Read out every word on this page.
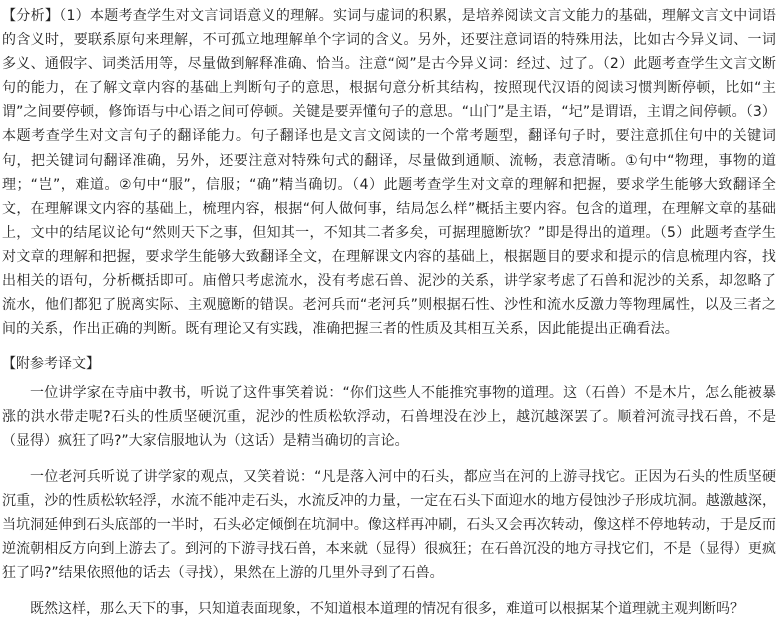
【分析】（1）本题考查学生对文言词语意义的理解。实词与虚词的积累，是培养阅读文言文能力的基础，理解文言文中词语的含义时，要联系原句来理解，不可孤立地理解单个字词的含义。另外，还要注意词语的特殊用法，比如古今异义词、一词多义、通假字、词类活用等，尽量做到解释准确、恰当。注意“阅”是古今异义词：经过、过了。（2）此题考查学生文言文断句的能力，在了解文章内容的基础上判断句子的意思，根据句意分析其结构，按照现代汉语的阅读习惯判断停顿，比如“主谓”之间要停顿，修饰语与中心语之间可停顿。关键是要弄懂句子的意思。“山门”是主语，“圮”是谓语，主谓之间停顿。（3）本题考查学生对文言句子的翻译能力。句子翻译也是文言文阅读的一个常考题型，翻译句子时，要注意抓住句中的关键词句，把关键词句翻译准确，另外，还要注意对特殊句式的翻译，尽量做到通顺、流畅，表意清晰。①句中“物理，事物的道理；“岂”，难道。②句中“服”，信服；“确”精当确切。（4）此题考查学生对文章的理解和把握，要求学生能够大致翻译全文，在理解课文内容的基础上，梳理内容，根据“何人做何事，结局怎么样”概括主要内容。包含的道理，在理解文章的基础上，文中的结尾议论句“然则天下之事，但知其一，不知其二者多矣，可据理臆断欤？”即是得出的道理。（5）此题考查学生对文章的理解和把握，要求学生能够大致翻译全文，在理解课文内容的基础上，根据题目的要求和提示的信息梳理内容，找出相关的语句，分析概括即可。庙僧只考虑流水，没有考虑石兽、泥沙的关系，讲学家考虑了石兽和泥沙的关系，却忽略了流水，他们都犯了脱离实际、主观臆断的错误。老河兵而“老河兵”则根据石性、沙性和流水反激力等物理属性，以及三者之间的关系，作出正确的判断。既有理论又有实践，准确把握三者的性质及其相互关系，因此能提出正确看法。

【附参考译文】

一位讲学家在寺庙中教书，听说了这件事笑着说：“你们这些人不能推究事物的道理。这（石兽）不是木片，怎么能被暴涨的洪水带走呢?石头的性质坚硬沉重，泥沙的性质松软浮动，石兽埋没在沙上，越沉越深罢了。顺着河流寻找石兽，不是（显得）疯狂了吗?”大家信服地认为（这话）是精当确切的言论。

一位老河兵听说了讲学家的观点，又笑着说：“凡是落入河中的石头，都应当在河的上游寻找它。正因为石头的性质坚硬沉重，沙的性质松软轻浮，水流不能冲走石头，水流反冲的力量，一定在石头下面迎水的地方侵蚀沙子形成坑洞。越激越深，当坑洞延伸到石头底部的一半时，石头必定倾倒在坑洞中。像这样再冲刷，石头又会再次转动，像这样不停地转动，于是反而逆流朝相反方向到上游去了。到河的下游寻找石兽，本来就（显得）很疯狂；在石兽沉没的地方寻找它们，不是（显得）更疯狂了吗?”结果依照他的话去（寻找），果然在上游的几里外寻到了石兽。

既然这样，那么天下的事，只知道表面现象，不知道根本道理的情况有很多，难道可以根据某个道理就主观判断吗？
